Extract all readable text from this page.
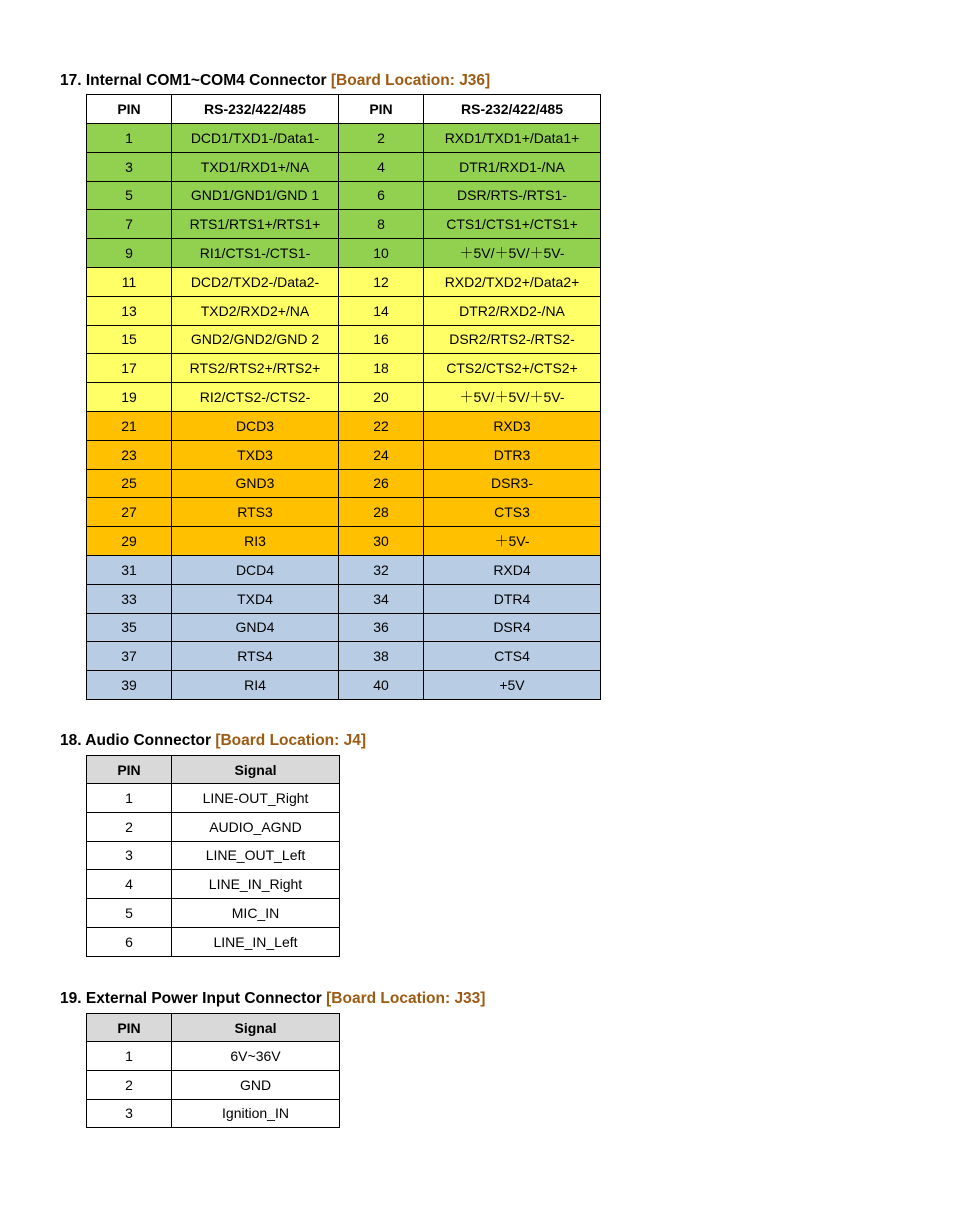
17. Internal COM1~COM4 Connector [Board Location: J36]
PIN	RS-232/422/485	PIN	RS-232/422/485
1	DCD1/TXD1-/Data1-	2	RXD1/TXD1+/Data1+
3	TXD1/RXD1+/NA	4	DTR1/RXD1-/NA
5	GND1/GND1/GND 1	6	DSR/RTS-/RTS1-
7	RTS1/RTS1+/RTS1+	8	CTS1/CTS1+/CTS1+
9	RI1/CTS1-/CTS1-	10	＋5V/＋5V/＋5V-
11	DCD2/TXD2-/Data2-	12	RXD2/TXD2+/Data2+
13	TXD2/RXD2+/NA	14	DTR2/RXD2-/NA
15	GND2/GND2/GND 2	16	DSR2/RTS2-/RTS2-
17	RTS2/RTS2+/RTS2+	18	CTS2/CTS2+/CTS2+
19	RI2/CTS2-/CTS2-	20	＋5V/＋5V/＋5V-
21	DCD3	22	RXD3
23	TXD3	24	DTR3
25	GND3	26	DSR3-
27	RTS3	28	CTS3
29	RI3	30	＋5V-
31	DCD4	32	RXD4
33	TXD4	34	DTR4
35	GND4	36	DSR4
37	RTS4	38	CTS4
39	RI4	40	+5V
18. Audio Connector [Board Location: J4]
PIN	Signal
1	LINE-OUT_Right
2	AUDIO_AGND
3	LINE_OUT_Left
4	LINE_IN_Right
5	MIC_IN
6	LINE_IN_Left
19. External Power Input Connector [Board Location: J33]
PIN	Signal
1	6V~36V
2	GND
3	Ignition_IN
